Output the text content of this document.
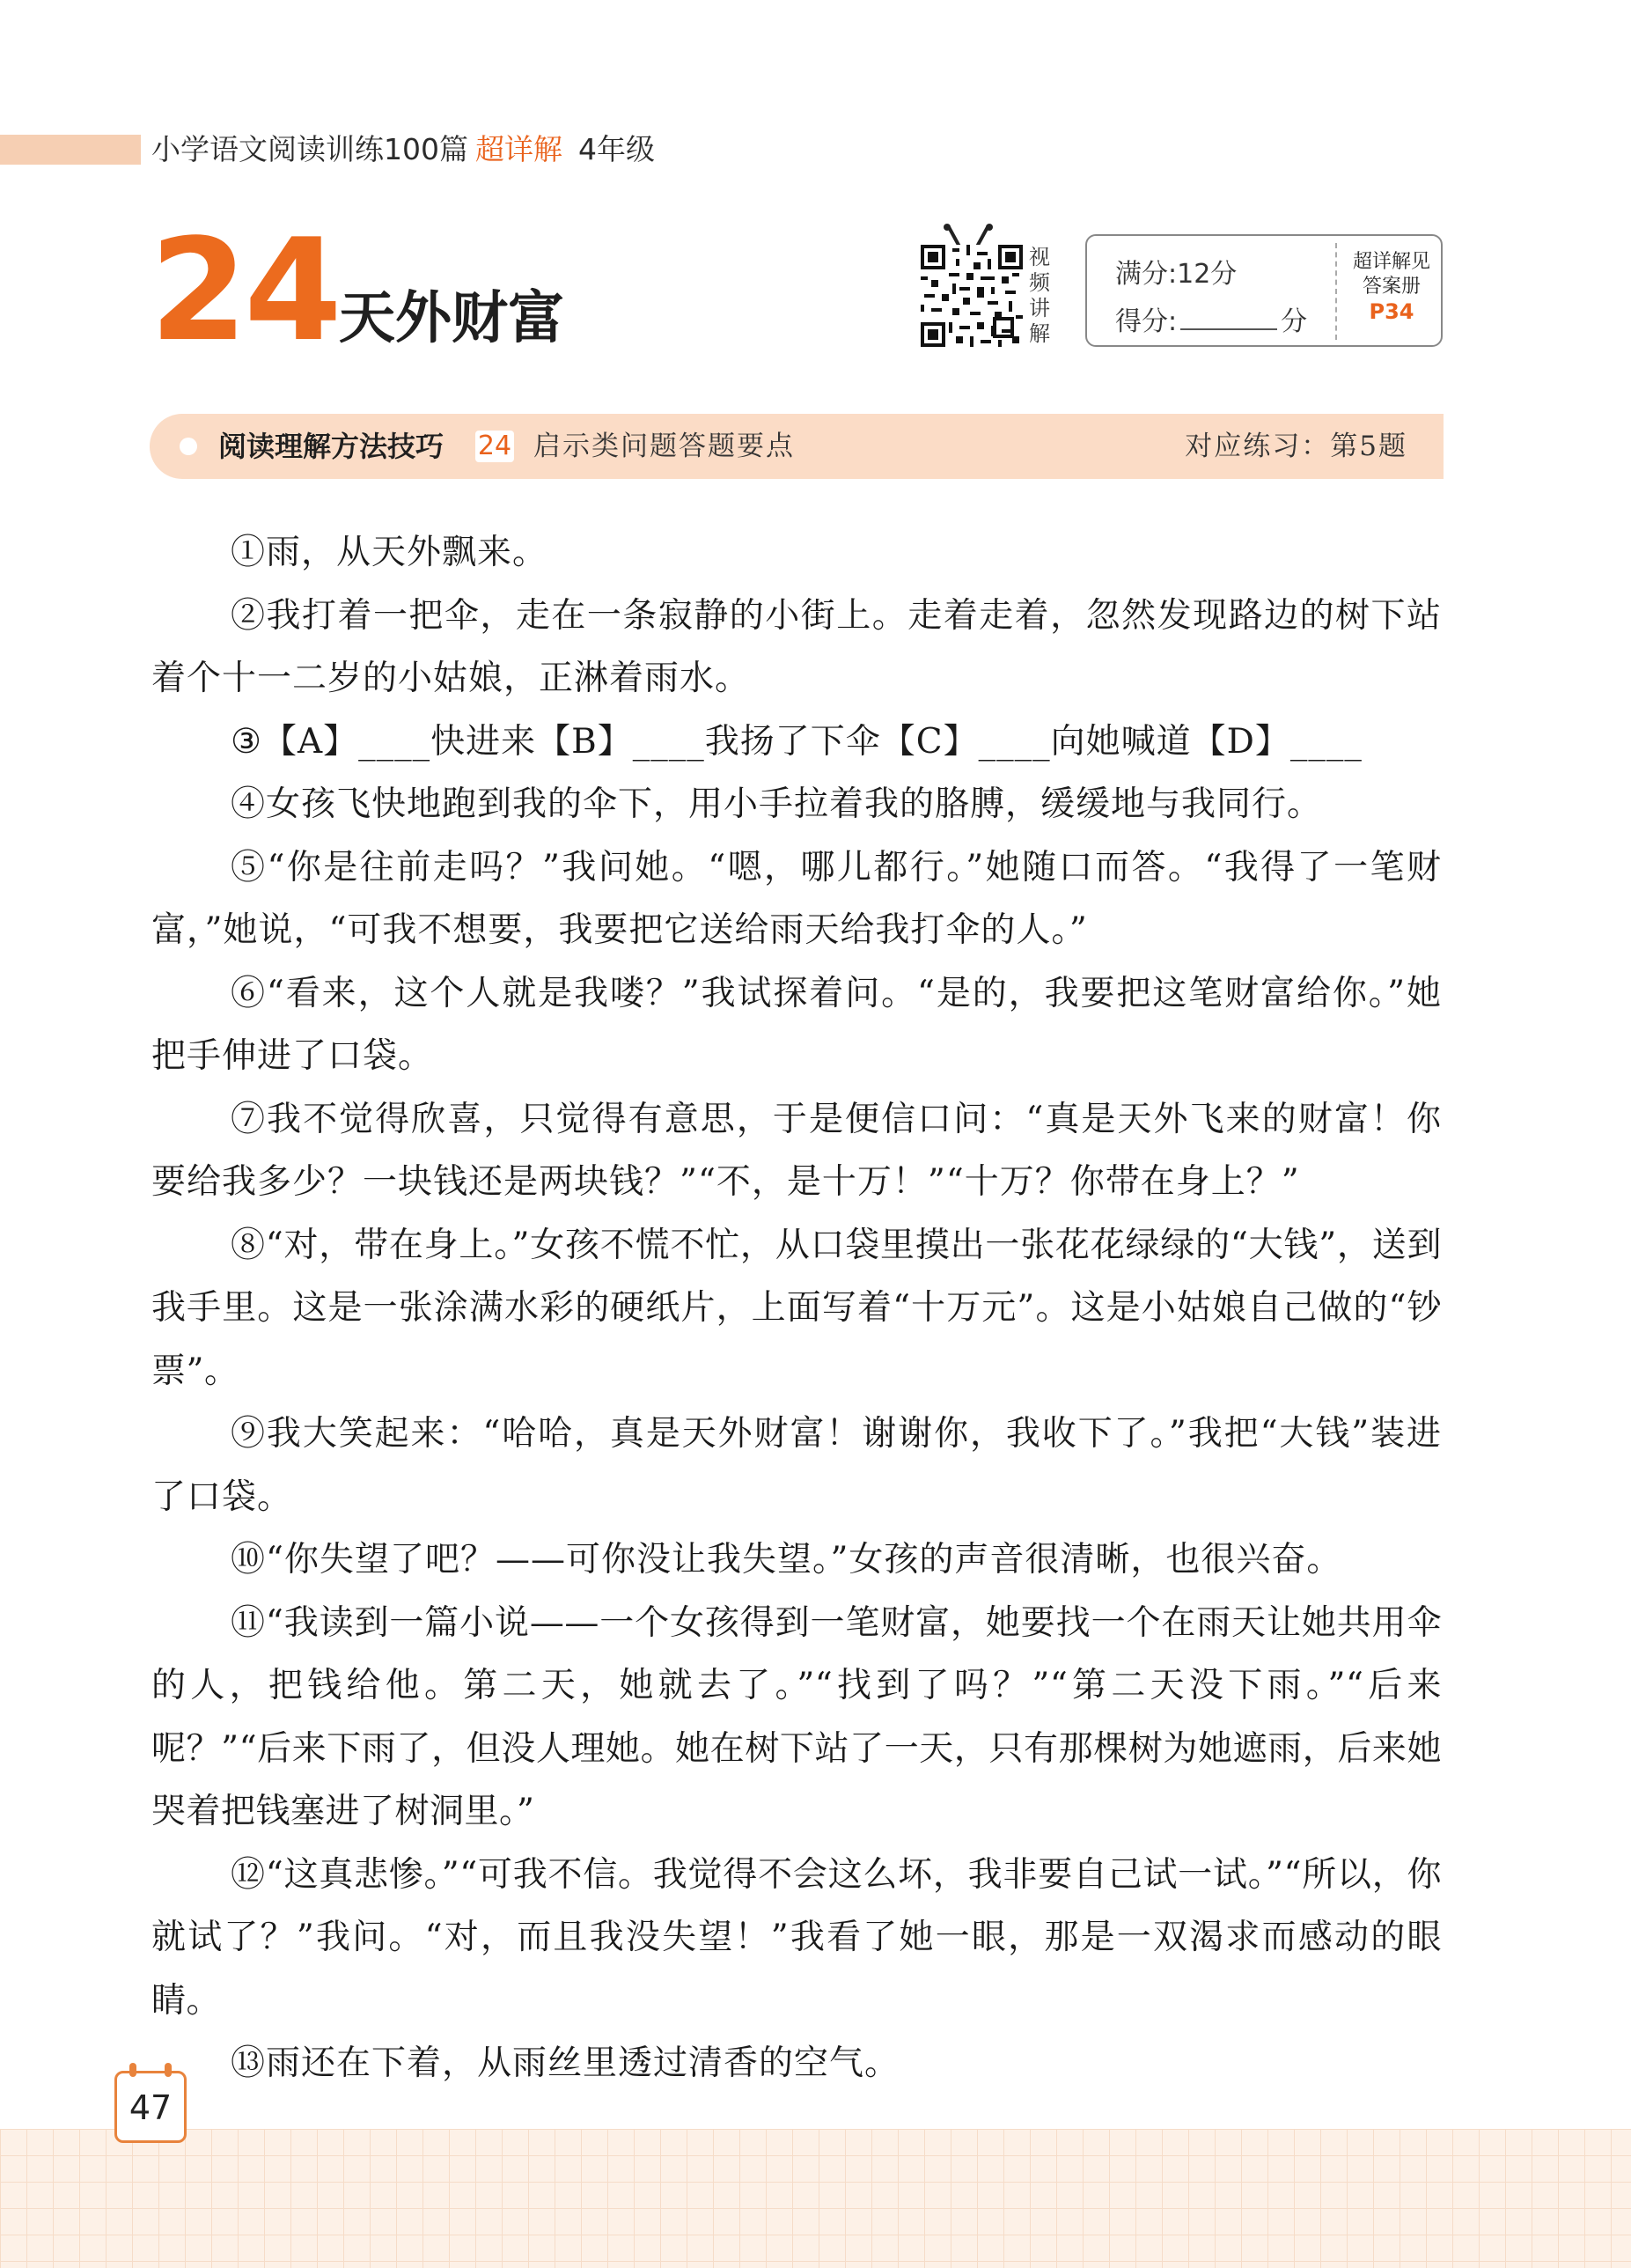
小学语文阅读训练100篇 超详解 4年级
24 天外财富
视频讲解
满分:12分
得分:	分
超详解见
答案册
P34
阅读理解方法技巧 24 启示类问题答题要点	对应练习：第5题

①雨，从天外飘来。

②我打着一把伞，走在一条寂静的小街上。走着走着，忽然发现路边的树下站着个十一二岁的小姑娘，正淋着雨水。

③【A】____快进来【B】____我扬了下伞【C】____向她喊道【D】____

④女孩飞快地跑到我的伞下，用小手拉着我的胳膊，缓缓地与我同行。

⑤“你是往前走吗？”我问她。“嗯，哪儿都行。”她随口而答。“我得了一笔财富，”她说，“可我不想要，我要把它送给雨天给我打伞的人。”

⑥“看来，这个人就是我喽？”我试探着问。“是的，我要把这笔财富给你。”她把手伸进了口袋。

⑦我不觉得欣喜，只觉得有意思，于是便信口问：“真是天外飞来的财富！你要给我多少？一块钱还是两块钱？”“不，是十万！”“十万？你带在身上？”

⑧“对，带在身上。”女孩不慌不忙，从口袋里摸出一张花花绿绿的“大钱”，送到我手里。这是一张涂满水彩的硬纸片，上面写着“十万元”。这是小姑娘自己做的“钞票”。

⑨我大笑起来：“哈哈，真是天外财富！谢谢你，我收下了。”我把“大钱”装进了口袋。

⑩“你失望了吧？——可你没让我失望。”女孩的声音很清晰，也很兴奋。

⑪“我读到一篇小说——一个女孩得到一笔财富，她要找一个在雨天让她共用伞的人，把钱给他。第二天，她就去了。”“找到了吗？”“第二天没下雨。”“后来呢？”“后来下雨了，但没人理她。她在树下站了一天，只有那棵树为她遮雨，后来她哭着把钱塞进了树洞里。”

⑫“这真悲惨。”“可我不信。我觉得不会这么坏，我非要自己试一试。”“所以，你就试了？”我问。“对，而且我没失望！”我看了她一眼，那是一双渴求而感动的眼睛。

⑬雨还在下着，从雨丝里透过清香的空气。

47
